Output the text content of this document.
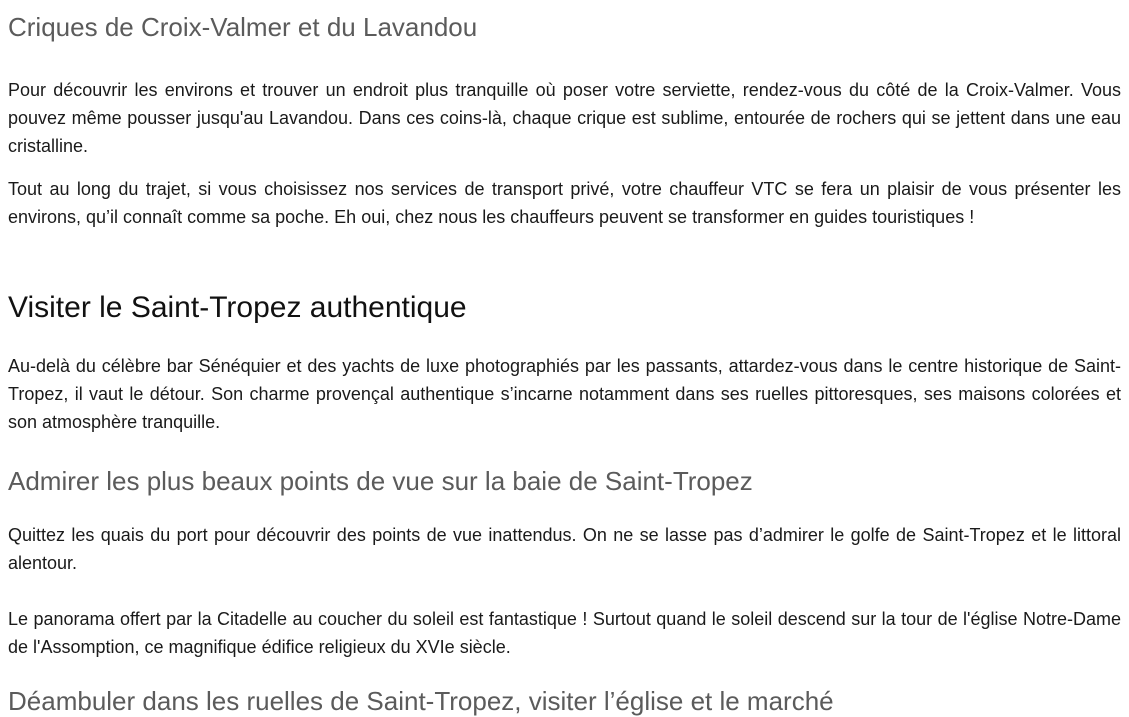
Criques de Croix-Valmer et du Lavandou

Pour découvrir les environs et trouver un endroit plus tranquille où poser votre serviette, rendez-vous du côté de la Croix-Valmer. Vous pouvez même pousser jusqu'au Lavandou. Dans ces coins-là, chaque crique est sublime, entourée de rochers qui se jettent dans une eau cristalline.

Tout au long du trajet, si vous choisissez nos services de transport privé, votre chauffeur VTC se fera un plaisir de vous présenter les environs, qu’il connaît comme sa poche. Eh oui, chez nous les chauffeurs peuvent se transformer en guides touristiques !

Visiter le Saint-Tropez authentique

Au-delà du célèbre bar Sénéquier et des yachts de luxe photographiés par les passants, attardez-vous dans le centre historique de Saint-Tropez, il vaut le détour. Son charme provençal authentique s’incarne notamment dans ses ruelles pittoresques, ses maisons colorées et son atmosphère tranquille.

Admirer les plus beaux points de vue sur la baie de Saint-Tropez

Quittez les quais du port pour découvrir des points de vue inattendus. On ne se lasse pas d’admirer le golfe de Saint-Tropez et le littoral alentour.

Le panorama offert par la Citadelle au coucher du soleil est fantastique ! Surtout quand le soleil descend sur la tour de l'église Notre-Dame de l'Assomption, ce magnifique édifice religieux du XVIe siècle.

Déambuler dans les ruelles de Saint-Tropez, visiter l’église et le marché
